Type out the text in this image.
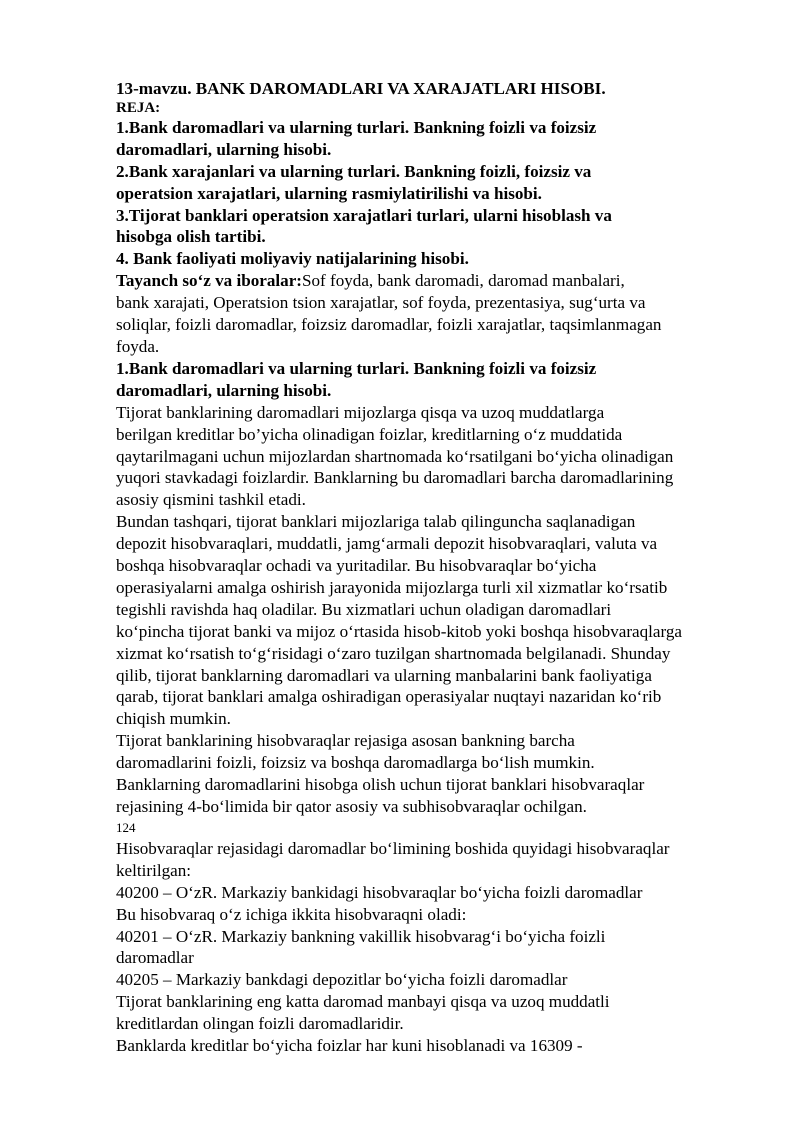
13-mavzu. BANK DAROMADLARI VA XARAJATLARI HISOBI.
REJA:
1.Bank daromadlari va ularning turlari. Bankning foizli va foizsiz
daromadlari, ularning hisobi.
2.Bank xarajanlari va ularning turlari. Bankning foizli, foizsiz va
operatsion xarajatlari, ularning rasmiylatirilishi va hisobi.
3.Tijorat banklari operatsion xarajatlari turlari, ularni hisoblash va
hisobga olish tartibi.
4. Bank faoliyati moliyaviy natijalarining hisobi.
Tayanch so‘z va iboralar:Sof foyda, bank daromadi, daromad manbalari,
bank xarajati, Operatsion tsion xarajatlar, sof foyda, prezentasiya, sug‘urta va
soliqlar, foizli daromadlar, foizsiz daromadlar, foizli xarajatlar, taqsimlanmagan
foyda.
1.Bank daromadlari va ularning turlari. Bankning foizli va foizsiz
daromadlari, ularning hisobi.
Tijorat banklarining daromadlari mijozlarga qisqa va uzoq muddatlarga
berilgan kreditlar bo’yicha olinadigan foizlar, kreditlarning o‘z muddatida
qaytarilmagani uchun mijozlardan shartnomada ko‘rsatilgani bo‘yicha olinadigan
yuqori stavkadagi foizlardir. Banklarning bu daromadlari barcha daromadlarining
asosiy qismini tashkil etadi.
Bundan tashqari, tijorat banklari mijozlariga talab qilinguncha saqlanadigan
depozit hisobvaraqlari, muddatli, jamg‘armali depozit hisobvaraqlari, valuta va
boshqa hisobvaraqlar ochadi va yuritadilar. Bu hisobvaraqlar bo‘yicha
operasiyalarni amalga oshirish jarayonida mijozlarga turli xil xizmatlar ko‘rsatib
tegishli ravishda haq oladilar. Bu xizmatlari uchun oladigan daromadlari
ko‘pincha tijorat banki va mijoz o‘rtasida hisob-kitob yoki boshqa hisobvaraqlarga
xizmat ko‘rsatish to‘g‘risidagi o‘zaro tuzilgan shartnomada belgilanadi. Shunday
qilib, tijorat banklarning daromadlari va ularning manbalarini bank faoliyatiga
qarab, tijorat banklari amalga oshiradigan operasiyalar nuqtayi nazaridan ko‘rib
chiqish mumkin.
Tijorat banklarining hisobvaraqlar rejasiga asosan bankning barcha
daromadlarini foizli, foizsiz va boshqa daromadlarga bo‘lish mumkin.
Banklarning daromadlarini hisobga olish uchun tijorat banklari hisobvaraqlar
rejasining 4-bo‘limida bir qator asosiy va subhisobvaraqlar ochilgan.
124
Hisobvaraqlar rejasidagi daromadlar bo‘limining boshida quyidagi hisobvaraqlar
keltirilgan:
40200 – O‘zR. Markaziy bankidagi hisobvaraqlar bo‘yicha foizli daromadlar
Bu hisobvaraq o‘z ichiga ikkita hisobvaraqni oladi:
40201 – O‘zR. Markaziy bankning vakillik hisobvarag‘i bo‘yicha foizli
daromadlar
40205 – Markaziy bankdagi depozitlar bo‘yicha foizli daromadlar
Tijorat banklarining eng katta daromad manbayi qisqa va uzoq muddatli
kreditlardan olingan foizli daromadlaridir.
Banklarda kreditlar bo‘yicha foizlar har kuni hisoblanadi va 16309 -
